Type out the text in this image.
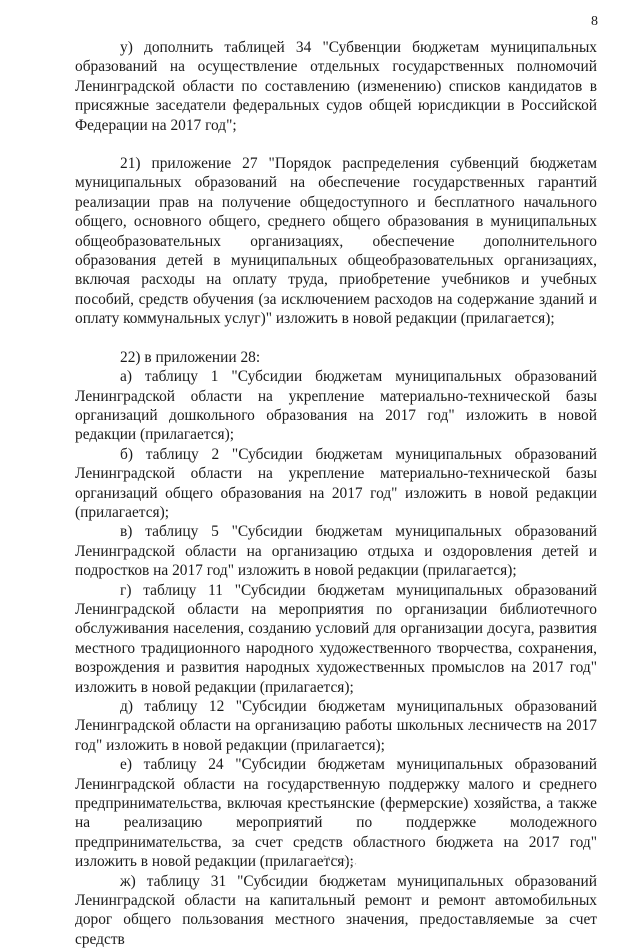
8

у) дополнить таблицей 34 "Субвенции бюджетам муниципальных образований на осуществление отдельных государственных полномочий Ленинградской области по составлению (изменению) списков кандидатов в присяжные заседатели федеральных судов общей юрисдикции в Российской Федерации на 2017 год";

21) приложение 27 "Порядок распределения субвенций бюджетам муниципальных образований на обеспечение государственных гарантий реализации прав на получение общедоступного и бесплатного начального общего, основного общего, среднего общего образования в муниципальных общеобразовательных организациях, обеспечение дополнительного образования детей в муниципальных общеобразовательных организациях, включая расходы на оплату труда, приобретение учебников и учебных пособий, средств обучения (за исключением расходов на содержание зданий и оплату коммунальных услуг)" изложить в новой редакции (прилагается);

22) в приложении 28:

а) таблицу 1 "Субсидии бюджетам муниципальных образований Ленинградской области на укрепление материально-технической базы организаций дошкольного образования на 2017 год" изложить в новой редакции (прилагается);

б) таблицу 2 "Субсидии бюджетам муниципальных образований Ленинградской области на укрепление материально-технической базы организаций общего образования на 2017 год" изложить в новой редакции (прилагается);

в) таблицу 5 "Субсидии бюджетам муниципальных образований Ленинградской области на организацию отдыха и оздоровления детей и подростков на 2017 год" изложить в новой редакции (прилагается);

г) таблицу 11 "Субсидии бюджетам муниципальных образований Ленинградской области на мероприятия по организации библиотечного обслуживания населения, созданию условий для организации досуга, развития местного традиционного народного художественного творчества, сохранения, возрождения и развития народных художественных промыслов на 2017 год" изложить в новой редакции (прилагается);

д) таблицу 12 "Субсидии бюджетам муниципальных образований Ленинградской области на организацию работы школьных лесничеств на 2017 год" изложить в новой редакции (прилагается);

е) таблицу 24 "Субсидии бюджетам муниципальных образований Ленинградской области на государственную поддержку малого и среднего предпринимательства, включая крестьянские (фермерские) хозяйства, а также на реализацию мероприятий по поддержке молодежного предпринимательства, за счет средств областного бюджета на 2017 год" изложить в новой редакции (прилагается);

ж) таблицу 31 "Субсидии бюджетам муниципальных образований Ленинградской области на капитальный ремонт и ремонт автомобильных дорог общего пользования местного значения, предоставляемые за счет средств
